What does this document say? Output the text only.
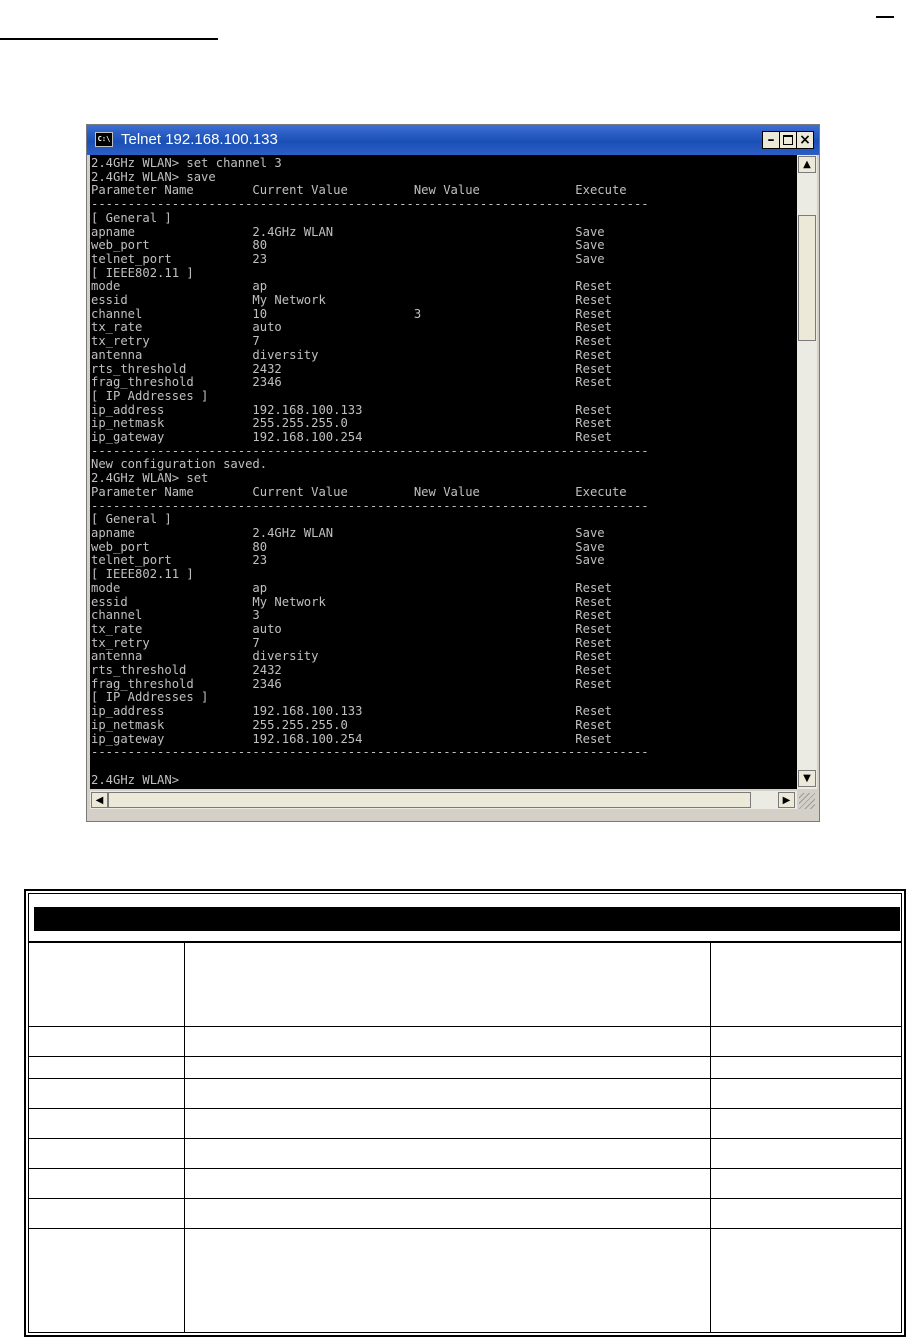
C:\ Telnet 192.168.100.133	–	×
2.4GHz WLAN> set channel 3
2.4GHz WLAN> save
Parameter Name        Current Value         New Value             Execute
----------------------------------------------------------------------------
[ General ]
apname                2.4GHz WLAN                                 Save
web_port              80                                          Save
telnet_port           23                                          Save
[ IEEE802.11 ]
mode                  ap                                          Reset
essid                 My Network                                  Reset
channel               10                    3                     Reset
tx_rate               auto                                        Reset
tx_retry              7                                           Reset
antenna               diversity                                   Reset
rts_threshold         2432                                        Reset
frag_threshold        2346                                        Reset
[ IP Addresses ]
ip_address            192.168.100.133                             Reset
ip_netmask            255.255.255.0                               Reset
ip_gateway            192.168.100.254                             Reset
----------------------------------------------------------------------------
New configuration saved.
2.4GHz WLAN> set
Parameter Name        Current Value         New Value             Execute
----------------------------------------------------------------------------
[ General ]
apname                2.4GHz WLAN                                 Save
web_port              80                                          Save
telnet_port           23                                          Save
[ IEEE802.11 ]
mode                  ap                                          Reset
essid                 My Network                                  Reset
channel               3                                           Reset
tx_rate               auto                                        Reset
tx_retry              7                                           Reset
antenna               diversity                                   Reset
rts_threshold         2432                                        Reset
frag_threshold        2346                                        Reset
[ IP Addresses ]
ip_address            192.168.100.133                             Reset
ip_netmask            255.255.255.0                               Reset
ip_gateway            192.168.100.254                             Reset
----------------------------------------------------------------------------

2.4GHz WLAN>

▲
▼
◀	▶
